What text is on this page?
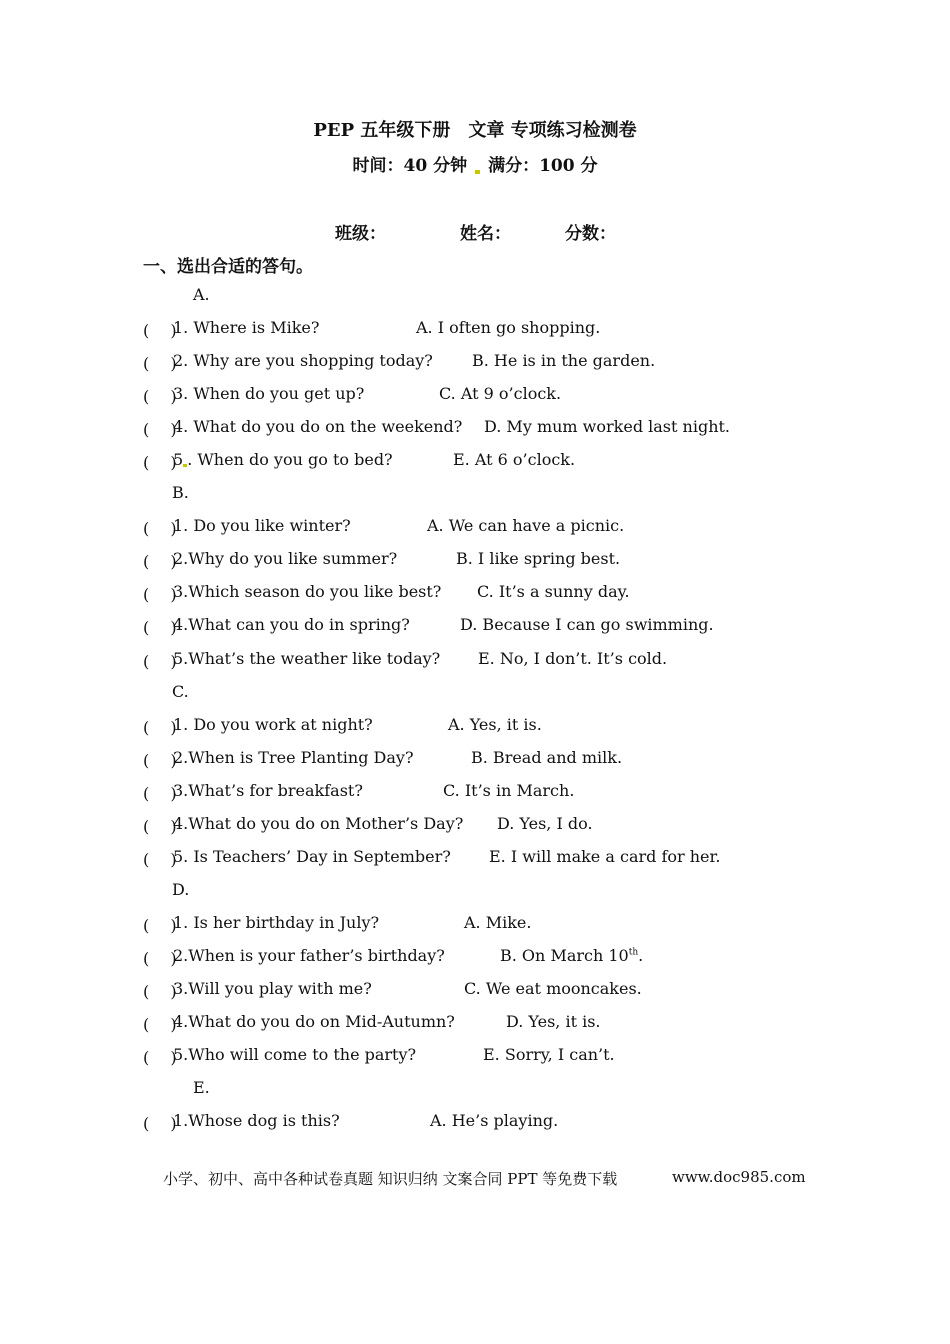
PEP 五年级下册　文章 专项练习检测卷
时间：40 分钟 满分：100 分
班级：	姓名：	分数：
一、选出合适的答句。
A.
(　 )
1. Where is Mike?	A. I often go shopping.
(　 )
2. Why are you shopping today? B. He is in the garden.
(　 )
3. When do you get up?	C. At 9 o’clock.
(　 )
4. What do you do on the weekend? D. My mum worked last night.
(　 )
5 . When do you go to bed?	E. At 6 o’clock.
B.
(　 )
1. Do you like winter?	A. We can have a picnic.
(　 )
2.Why do you like summer?	B. I like spring best.
(　 )
3.Which season do you like best? C. It’s a sunny day.
(　 )
4.What can you do in spring?	D. Because I can go swimming.
(　 )
5.What’s the weather like today? E. No, I don’t. It’s cold.
C.
(　 )
1. Do you work at night?	A. Yes, it is.
(　 )
2.When is Tree Planting Day?	B. Bread and milk.
(　 )
3.What’s for breakfast?	C. It’s in March.
(　 )
4.What do you do on Mother’s Day? D. Yes, I do.
(　 )
5. Is Teachers’ Day in September? E. I will make a card for her.
D.
(　 )
1. Is her birthday in July?	A. Mike.
(　 )
2.When is your father’s birthday?	B. On March 10th.
(　 )
3.Will you play with me?	C. We eat mooncakes.
(　 )
4.What do you do on Mid-Autumn?	D. Yes, it is.
(　 )
5.Who will come to the party?	E. Sorry, I can’t.
E.
(　 )
1.Whose dog is this?	A. He’s playing.
小学、初中、高中各种试卷真题 知识归纳 文案合同 PPT 等免费下载	www.doc985.com
